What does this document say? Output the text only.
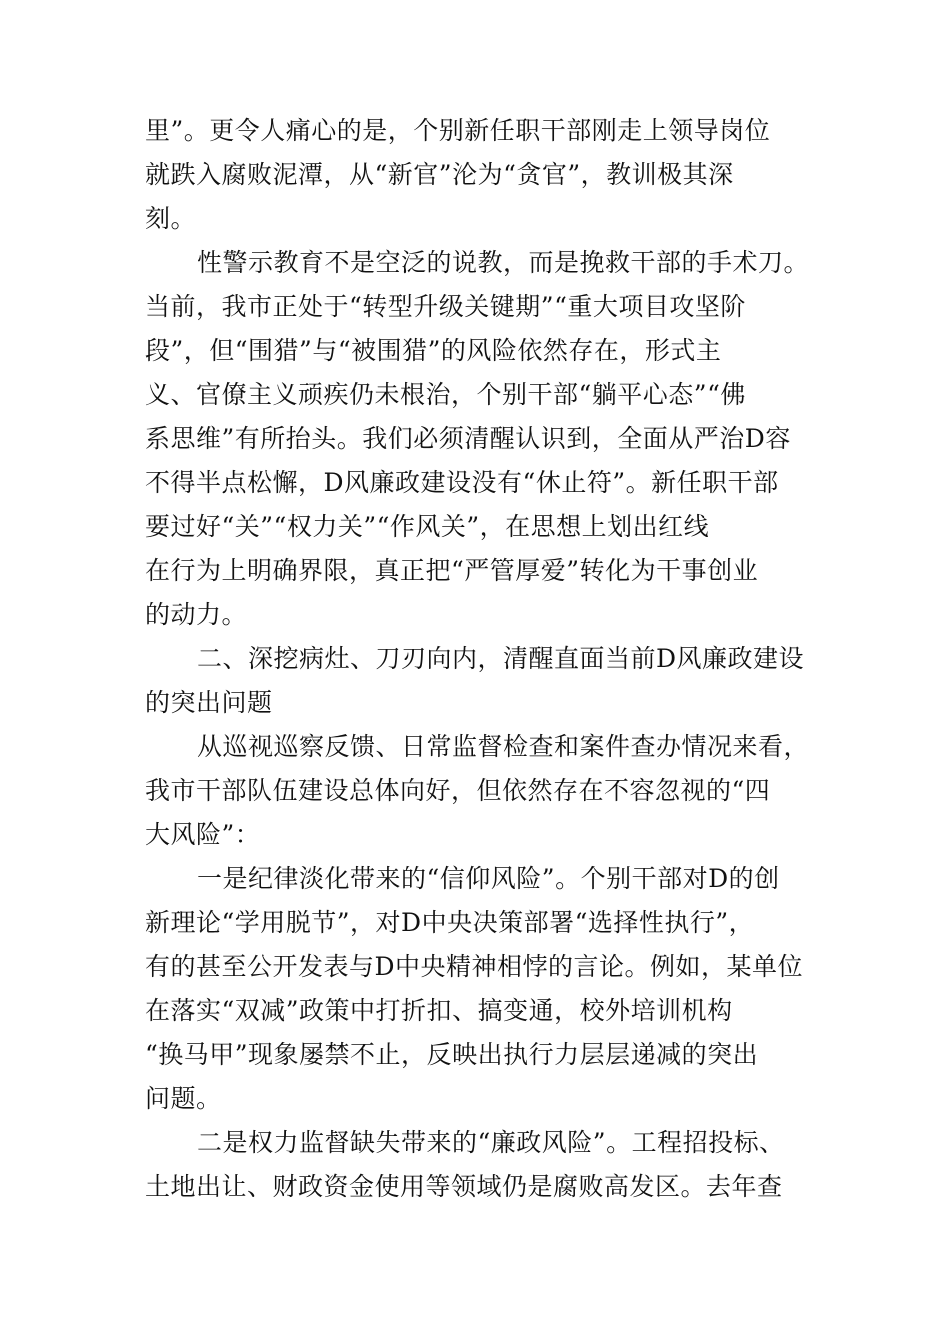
里”。更令人痛心的是，个别新任职干部刚走上领导岗位
就跌入腐败泥潭，从“新官”沦为“贪官”，教训极其深
刻。
性警示教育不是空泛的说教，而是挽救干部的手术刀。
当前，我市正处于“转型升级关键期”“重大项目攻坚阶
段”，但“围猎”与“被围猎”的风险依然存在，形式主
义、官僚主义顽疾仍未根治，个别干部“躺平心态”“佛
系思维”有所抬头。我们必须清醒认识到，全面从严治D容
不得半点松懈，D风廉政建设没有“休止符”。新任职干部
要过好“关”“权力关”“作风关”，在思想上划出红线
在行为上明确界限，真正把“严管厚爱”转化为干事创业
的动力。
二、深挖病灶、刀刃向内，清醒直面当前D风廉政建设
的突出问题
从巡视巡察反馈、日常监督检查和案件查办情况来看，
我市干部队伍建设总体向好，但依然存在不容忽视的“四
大风险”：
一是纪律淡化带来的“信仰风险”。个别干部对D的创
新理论“学用脱节”，对D中央决策部署“选择性执行”，
有的甚至公开发表与D中央精神相悖的言论。例如，某单位
在落实“双减”政策中打折扣、搞变通，校外培训机构
“换马甲”现象屡禁不止，反映出执行力层层递减的突出
问题。
二是权力监督缺失带来的“廉政风险”。工程招投标、
土地出让、财政资金使用等领域仍是腐败高发区。去年查
